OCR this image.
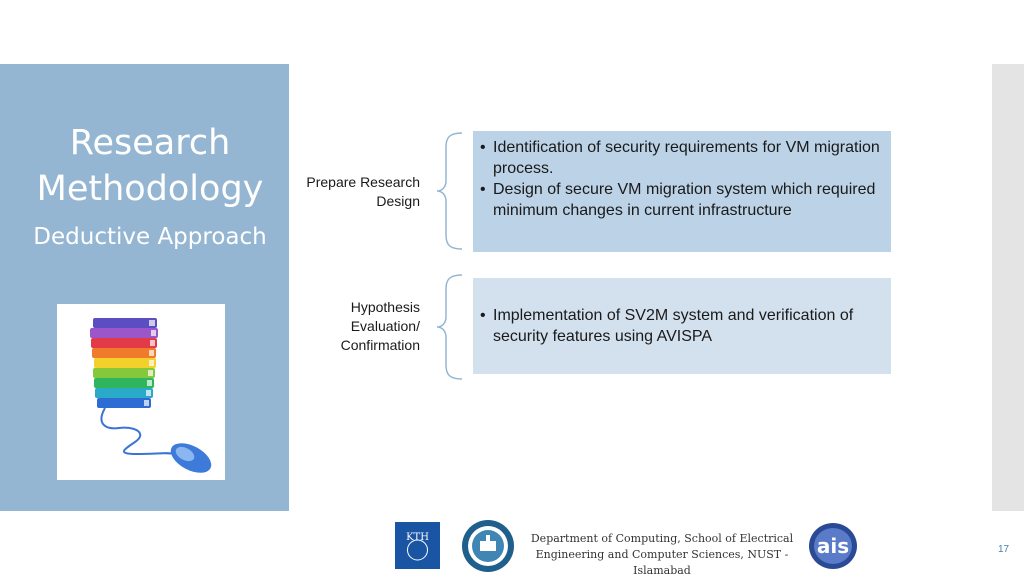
Research Methodology
Deductive Approach
Prepare Research Design
• Identification of security requirements for VM migration process.
• Design of secure VM migration system which required minimum changes in current infrastructure
Hypothesis Evaluation/ Confirmation
• Implementation of SV2M system and verification of security features using AVISPA
KTH	Department of Computing, School of Electrical Engineering and Computer Sciences, NUST - Islamabad
ais	17
